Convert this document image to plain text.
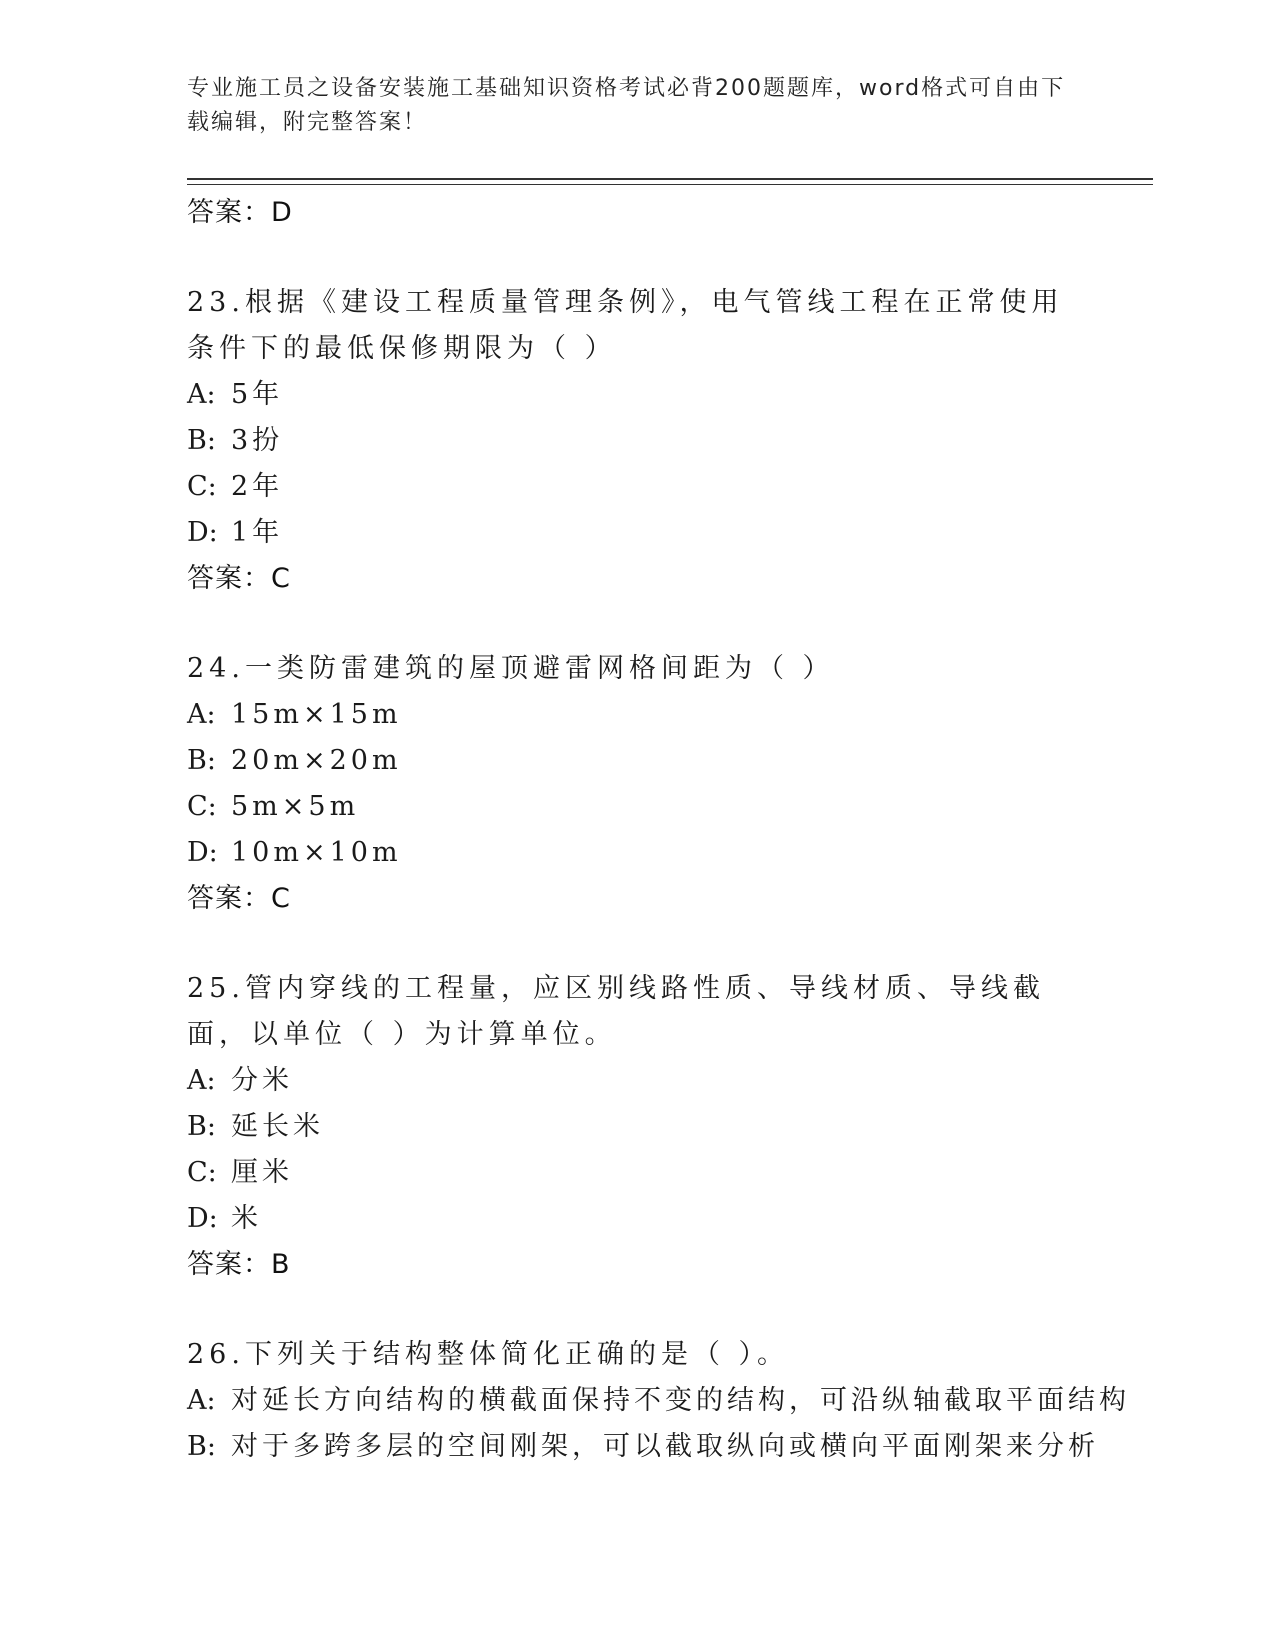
专业施工员之设备安装施工基础知识资格考试必背200题题库，word格式可自由下载编辑，附完整答案！
答案：D
23.根据《建设工程质量管理条例》，电气管线工程在正常使用条件下的最低保修期限为（ ）
A: 5年
B: 3扮
C: 2年
D: 1年
答案：C
24.一类防雷建筑的屋顶避雷网格间距为（ ）
A: 15m×15m
B: 20m×20m
C: 5m×5m
D: 10m×10m
答案：C
25.管内穿线的工程量，应区别线路性质、导线材质、导线截面，以单位（ ）为计算单位。
A: 分米
B: 延长米
C: 厘米
D: 米
答案：B
26.下列关于结构整体简化正确的是（ ）。
A: 对延长方向结构的横截面保持不变的结构，可沿纵轴截取平面结构
B: 对于多跨多层的空间刚架，可以截取纵向或横向平面刚架来分析
